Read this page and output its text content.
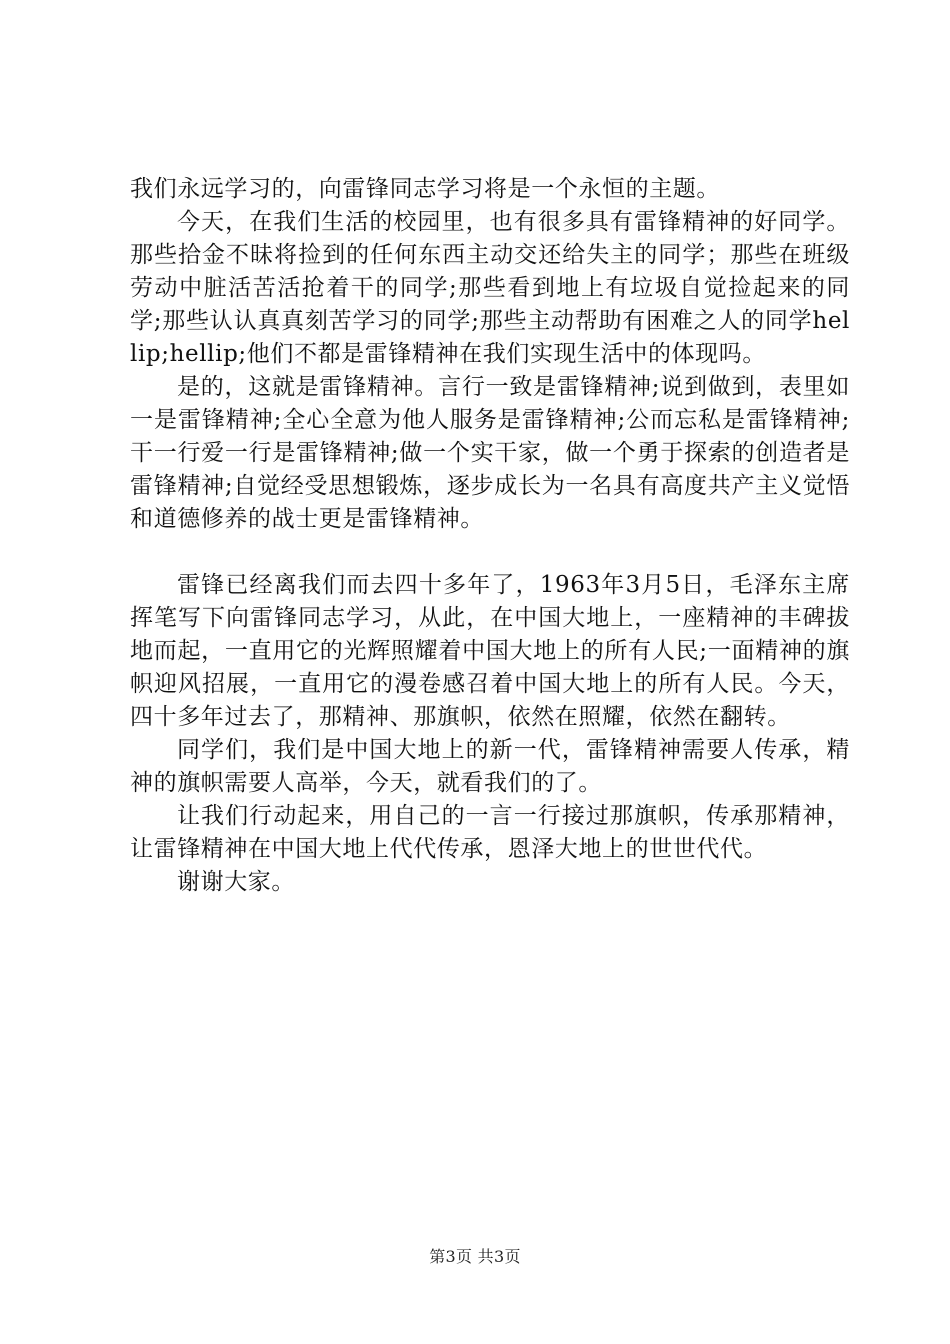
我们永远学习的，向雷锋同志学习将是一个永恒的主题。

今天，在我们生活的校园里，也有很多具有雷锋精神的好同学。那些拾金不昧将捡到的任何东西主动交还给失主的同学；那些在班级劳动中脏活苦活抢着干的同学;那些看到地上有垃圾自觉捡起来的同学;那些认认真真刻苦学习的同学;那些主动帮助有困难之人的同学hellip;hellip;他们不都是雷锋精神在我们实现生活中的体现吗。

是的，这就是雷锋精神。言行一致是雷锋精神;说到做到，表里如一是雷锋精神;全心全意为他人服务是雷锋精神;公而忘私是雷锋精神;干一行爱一行是雷锋精神;做一个实干家，做一个勇于探索的创造者是雷锋精神;自觉经受思想锻炼，逐步成长为一名具有高度共产主义觉悟和道德修养的战士更是雷锋精神。

雷锋已经离我们而去四十多年了，1963年3月5日，毛泽东主席挥笔写下向雷锋同志学习，从此，在中国大地上，一座精神的丰碑拔地而起，一直用它的光辉照耀着中国大地上的所有人民;一面精神的旗帜迎风招展，一直用它的漫卷感召着中国大地上的所有人民。今天，四十多年过去了，那精神、那旗帜，依然在照耀，依然在翻转。

同学们，我们是中国大地上的新一代，雷锋精神需要人传承，精神的旗帜需要人高举，今天，就看我们的了。

让我们行动起来，用自己的一言一行接过那旗帜，传承那精神，让雷锋精神在中国大地上代代传承，恩泽大地上的世世代代。

谢谢大家。

第3页 共3页
